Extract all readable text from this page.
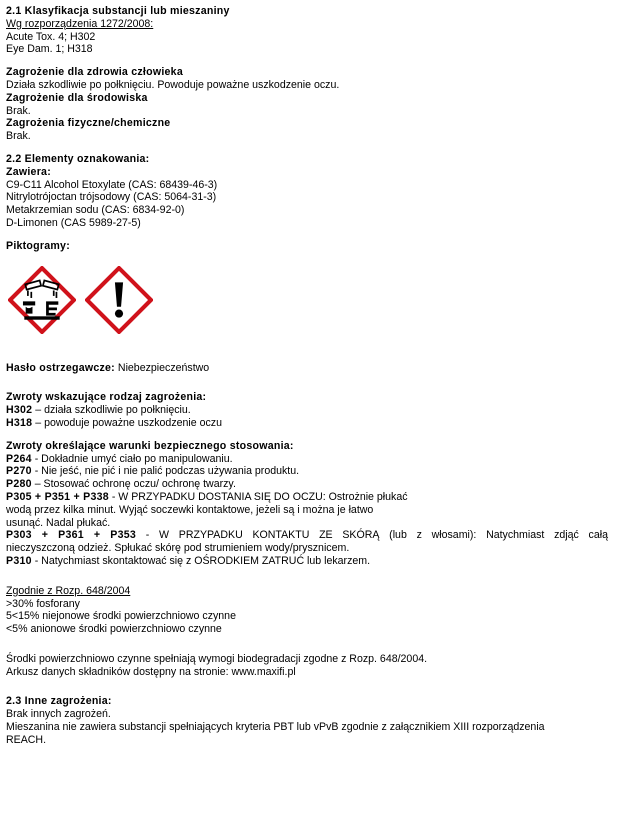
2.1 Klasyfikacja substancji lub mieszaniny
Wg rozporządzenia 1272/2008:
Acute Tox. 4; H302
Eye Dam. 1; H318
Zagrożenie dla zdrowia człowieka
Działa szkodliwie po połknięciu. Powoduje poważne uszkodzenie oczu.
Zagrożenie dla środowiska
Brak.
Zagrożenia fizyczne/chemiczne
Brak.
2.2 Elementy oznakowania:
Zawiera:
C9-C11 Alcohol Etoxylate (CAS: 68439-46-3)
Nitrylotrójoctan trójsodowy (CAS: 5064-31-3)
Metakrzemian sodu (CAS: 6834-92-0)
D-Limonen (CAS 5989-27-5)
Piktogramy:
Hasło ostrzegawcze: Niebezpieczeństwo
Zwroty wskazujące rodzaj zagrożenia:
H302 – działa szkodliwie po połknięciu.
H318 – powoduje poważne uszkodzenie oczu
Zwroty określające warunki bezpiecznego stosowania:
P264 - Dokładnie umyć ciało po manipulowaniu.
P270 - Nie jeść, nie pić i nie palić podczas używania produktu.
P280 – Stosować ochronę oczu/ ochronę twarzy.
P305 + P351 + P338 - W PRZYPADKU DOSTANIA SIĘ DO OCZU: Ostrożnie płukać
wodą przez kilka minut. Wyjąć soczewki kontaktowe, jeżeli są i można je łatwo
usunąć. Nadal płukać.
P303 + P361 + P353 - W PRZYPADKU KONTAKTU ZE SKÓRĄ (lub z włosami): Natychmiast zdjąć całą
nieczyszczoną odzież. Spłukać skórę pod strumieniem wody/prysznicem.
P310 - Natychmiast skontaktować się z OŚRODKIEM ZATRUĆ lub lekarzem.
Zgodnie z Rozp. 648/2004
>30% fosforany
5<15% niejonowe środki powierzchniowo czynne
<5% anionowe środki powierzchniowo czynne
Środki powierzchniowo czynne spełniają wymogi biodegradacji zgodne z Rozp. 648/2004.
Arkusz danych składników dostępny na stronie: www.maxifi.pl
2.3 Inne zagrożenia:
Brak innych zagrożeń.
Mieszanina nie zawiera substancji spełniających kryteria PBT lub vPvB zgodnie z załącznikiem XIII rozporządzenia
REACH.
